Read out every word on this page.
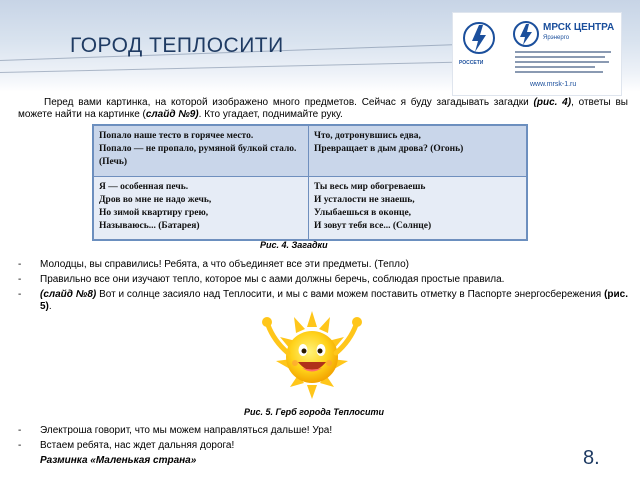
ГОРОД ТЕПЛОСИТИ
РОССЕТИ
МРСК ЦЕНТРА
Ярэнерго
www.mrsk-1.ru
Перед вами картинка, на которой изображено много предметов. Сейчас я буду загадывать загадки (рис. 4), ответы вы можете найти на картинке (слайд №9). Кто угадает, поднимайте руку.
Попало наше тесто в горячее место.
Попало — не пропало, румяной булкой стало. (Печь)
Что, дотронувшись едва,
Превращает в дым дрова? (Огонь)
Я — особенная печь.
Дров во мне не надо жечь,
Но зимой квартиру грею,
Называюсь... (Батарея)
Ты весь мир обогреваешь
И усталости не знаешь,
Улыбаешься в оконце,
И зовут тебя все... (Солнце)
Рис. 4. Загадки
- Молодцы, вы справились! Ребята, а что объединяет все эти предметы. (Тепло)
- Правильно все они изучают тепло, которое мы с аами должны беречь, соблюдая простые правила.
- (слайд №8) Вот и солнце засияло над Теплосити, и мы с вами можем поставить отметку в Паспорте энергосбережения (рис. 5).
Рис. 5. Герб города Теплосити
- Электроша говорит, что мы можем направляться дальше! Ура!
- Встаем ребята, нас ждет дальняя дорога!
Разминка «Маленькая страна»	8.
